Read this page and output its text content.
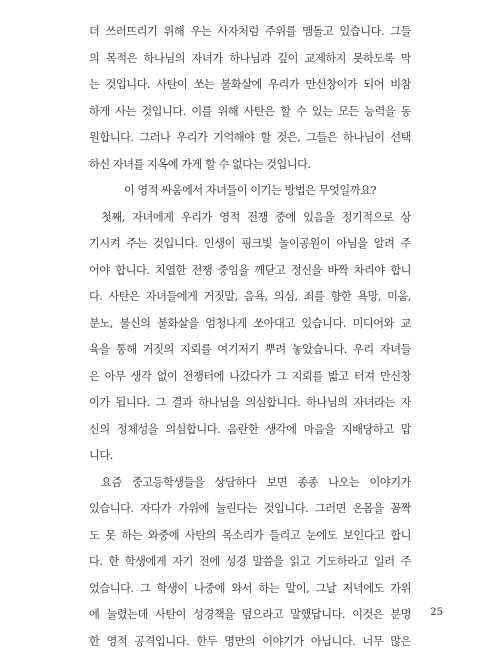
더 쓰러뜨리기 위해 우는 사자처럼 주위를 맴돌고 있습니다. 그들
의 목적은 하나님의 자녀가 하나님과 깊이 교제하지 못하도록 막
는 것입니다. 사탄이 쏘는 불화살에 우리가 만신창이가 되어 비참
하게 사는 것입니다. 이를 위해 사탄은 할 수 있는 모든 능력을 동
원합니다. 그러나 우리가 기억해야 할 것은, 그들은 하나님이 선택
하신 자녀를 지옥에 가게 할 수 없다는 것입니다.
이 영적 싸움에서 자녀들이 이기는 방법은 무엇일까요?
첫째, 자녀에게 우리가 영적 전쟁 중에 있음을 정기적으로 상
기시켜 주는 것입니다. 인생이 핑크빛 놀이공원이 아님을 알려 주
어야 합니다. 치열한 전쟁 중임을 깨닫고 정신을 바짝 차리야 합니
다. 사탄은 자녀들에게 거짓말, 음욕, 의심, 죄를 향한 욕망, 미움,
분노, 불신의 불화살을 엄청나게 쏘아대고 있습니다. 미디어와 교
육을 통해 거짓의 지뢰를 여기저기 뿌려 놓았습니다. 우리 자녀들
은 아무 생각 없이 전쟁터에 나갔다가 그 지뢰를 밟고 터져 만신창
이가 됩니다. 그 결과 하나님을 의심합니다. 하나님의 자녀라는 자
신의 정체성을 의심합니다. 음란한 생각에 마음을 지배당하고 맙
니다.
요즘 중고등학생들을 상담하다 보면 종종 나오는 이야기가
있습니다. 자다가 가위에 눌린다는 것입니다. 그러면 온몸을 꼼짝
도 못 하는 와중에 사탄의 목소리가 들리고 눈에도 보인다고 합니
다. 한 학생에게 자기 전에 성경 말씀을 읽고 기도하라고 일러 주
었습니다. 그 학생이 나중에 와서 하는 말이, 그날 저녁에도 가위
에 눌렸는데 사탄이 성경책을 덮으라고 말했답니다. 이것은 분명
한 영적 공격입니다. 한두 명만의 이야기가 아닙니다. 너무 많은
25
